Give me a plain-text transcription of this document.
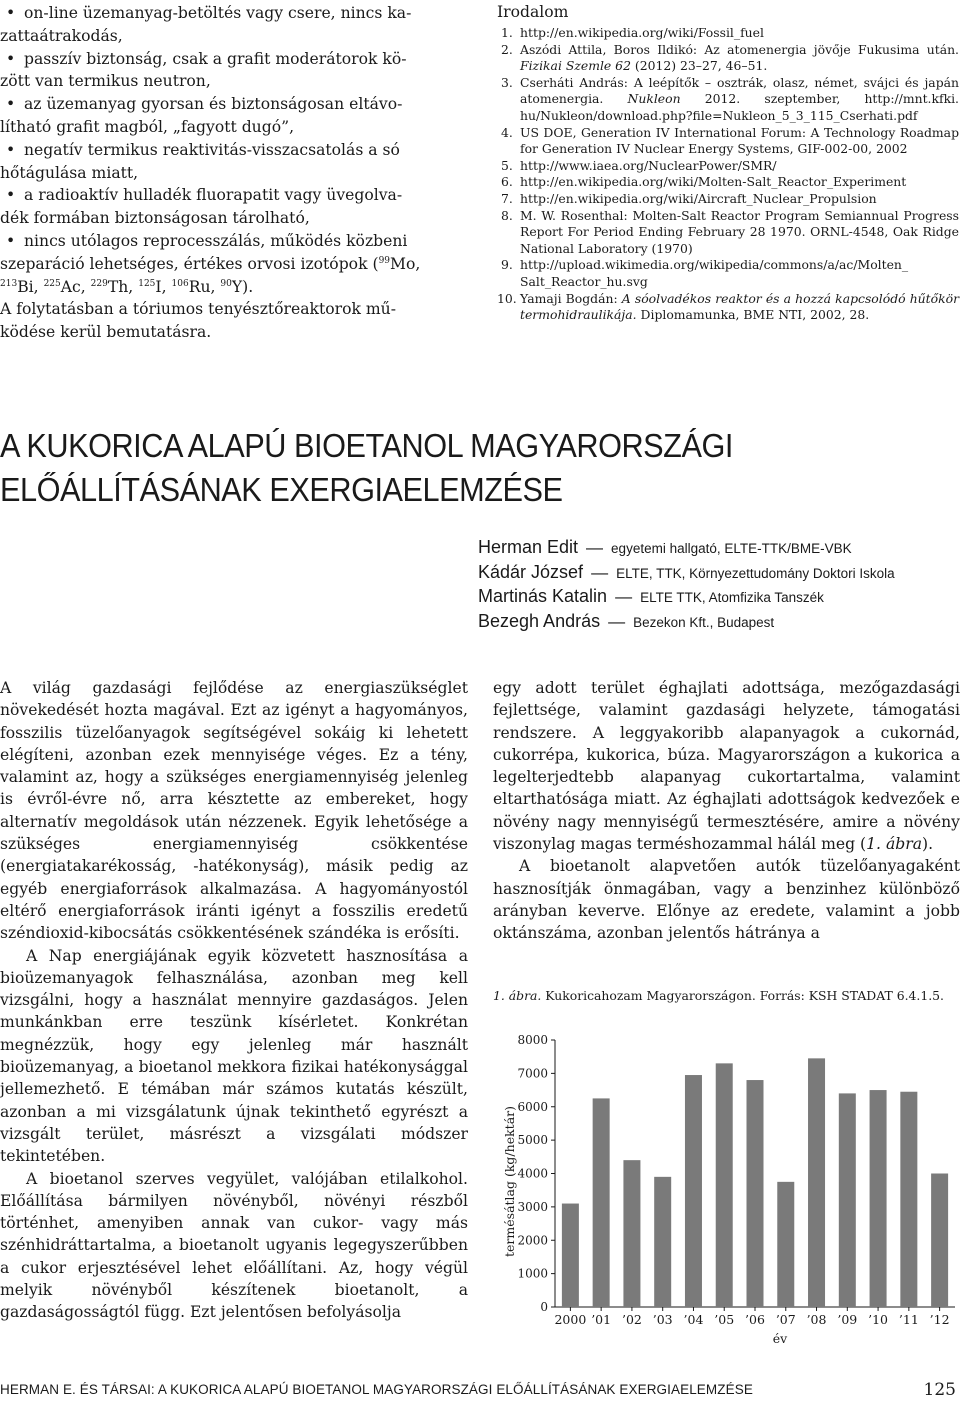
• on-line üzemanyag-betöltés vagy csere, nincs ka-
zattaátrakodás,
• passzív biztonság, csak a grafit moderátorok kö-
zött van termikus neutron,
• az üzemanyag gyorsan és biztonságosan eltávo-
lítható grafit magból, „fagyott dugó”,
• negatív termikus reaktivitás-visszacsatolás a só
hőtágulása miatt,
• a radioaktív hulladék fluorapatit vagy üvegolva-
dék formában biztonságosan tárolható,
• nincs utólagos reprocesszálás, működés közbeni
szeparáció lehetséges, értékes orvosi izotópok ($^{99}$Mo,
$^{213}$Bi, $^{225}$Ac, $^{229}$Th, $^{125}$I, $^{106}$Ru, $^{90}$Y).

A folytatásban a tóriumos tenyésztőreaktorok mű-
ködése kerül bemutatásra.

Irodalom
1. http://en.wikipedia.org/wiki/Fossil_fuel
2. Aszódi Attila, Boros Ildikó: Az atomenergia jövője Fukusima után. Fizikai Szemle 62 (2012) 23–27, 46–51.
3. Cserháti András: A leépítők – osztrák, olasz, német, svájci és japán atomenergia. Nukleon 2012. szeptember, http://mnt.kfki. hu/Nukleon/download.php?file=Nukleon_5_3_115_Cserhati.pdf
4. US DOE, Generation IV International Forum: A Technology Roadmap for Generation IV Nuclear Energy Systems, GIF-002-00, 2002
5. http://www.iaea.org/NuclearPower/SMR/
6. http://en.wikipedia.org/wiki/Molten-Salt_Reactor_Experiment
7. http://en.wikipedia.org/wiki/Aircraft_Nuclear_Propulsion
8. M. W. Rosenthal: Molten-Salt Reactor Program Semiannual Progress Report For Period Ending February 28 1970. ORNL-4548, Oak Ridge National Laboratory (1970)
9. http://upload.wikimedia.org/wikipedia/commons/a/ac/Molten_ Salt_Reactor_hu.svg
10. Yamaji Bogdán: A sóolvadékos reaktor és a hozzá kapcsolódó hűtőkör termohidraulikája. Diplomamunka, BME NTI, 2002, 28.
A KUKORICA ALAPÚ BIOETANOL MAGYARORSZÁGI
ELŐÁLLÍTÁSÁNAK EXERGIAELEMZÉSE
Herman Edit — egyetemi hallgató, ELTE-TTK/BME-VBK
Kádár József — ELTE, TTK, Környezettudomány Doktori Iskola
Martinás Katalin — ELTE TTK, Atomfizika Tanszék
Bezegh András — Bezekon Kft., Budapest

A világ gazdasági fejlődése az energiaszükséglet növekedését hozta magával. Ezt az igényt a hagyományos, fosszilis tüzelőanyagok segítségével sokáig ki lehetett elégíteni, azonban ezek mennyisége véges. Ez a tény, valamint az, hogy a szükséges energiamennyiség jelenleg is évről-évre nő, arra késztette az embereket, hogy alternatív megoldások után nézzenek. Egyik lehetősége a szükséges energiamennyiség csökkentése (energiatakarékosság, -hatékonyság), másik pedig az egyéb energiaforrások alkalmazása. A hagyományostól eltérő energiaforrások iránti igényt a fosszilis eredetű széndioxid-kibocsátás csökkentésének szándéka is erősíti.

A Nap energiájának egyik közvetett hasznosítása a bioüzemanyagok felhasználása, azonban meg kell vizsgálni, hogy a használat mennyire gazdaságos. Jelen munkánkban erre teszünk kísérletet. Konkrétan megnézzük, hogy egy jelenleg már használt bioüzemanyag, a bioetanol mekkora fizikai hatékonysággal jellemezhető. E témában már számos kutatás készült, azonban a mi vizsgálatunk újnak tekinthető egyrészt a vizsgált terület, másrészt a vizsgálati módszer tekintetében.

A bioetanol szerves vegyület, valójában etilalkohol. Előállítása bármilyen növényből, növényi részből történhet, amenyiben annak van cukor- vagy más szénhidráttartalma, a bioetanolt ugyanis legegyszerűbben a cukor erjesztésével lehet előállítani. Az, hogy végül melyik növényből készítenek bioetanolt, a gazdaságosságtól függ. Ezt jelentősen befolyásolja

egy adott terület éghajlati adottsága, mezőgazdasági fejlettsége, valamint gazdasági helyzete, támogatási rendszere. A leggyakoribb alapanyagok a cukornád, cukorrépa, kukorica, búza. Magyarországon a kukorica a legelterjedtebb alapanyag cukortartalma, valamint eltarthatósága miatt. Az éghajlati adottságok kedvezőek e növény nagy mennyiségű termesztésére, amire a növény viszonylag magas terméshozammal hálál meg (1. ábra).

A bioetanolt alapvetően autók tüzelőanyagaként hasznosítják önmagában, vagy a benzinhez különböző arányban keverve. Előnye az eredete, valamint a jobb oktánszáma, azonban jelentős hátránya a

1. ábra. Kukoricahozam Magyarországon. Forrás: KSH STADAT 6.4.1.5.
0
1000
2000
3000
4000
5000
6000
7000
8000
2000 ’01 ’02 ’03 ’04 ’05 ’06 ’07 ’08 ’09 ’10 ’11 ’12
év
termésátlag (kg/hektár)
HERMAN E. ÉS TÁRSAI: A KUKORICA ALAPÚ BIOETANOL MAGYARORSZÁGI ELŐÁLLÍTÁSÁNAK EXERGIAELEMZÉSE	125
